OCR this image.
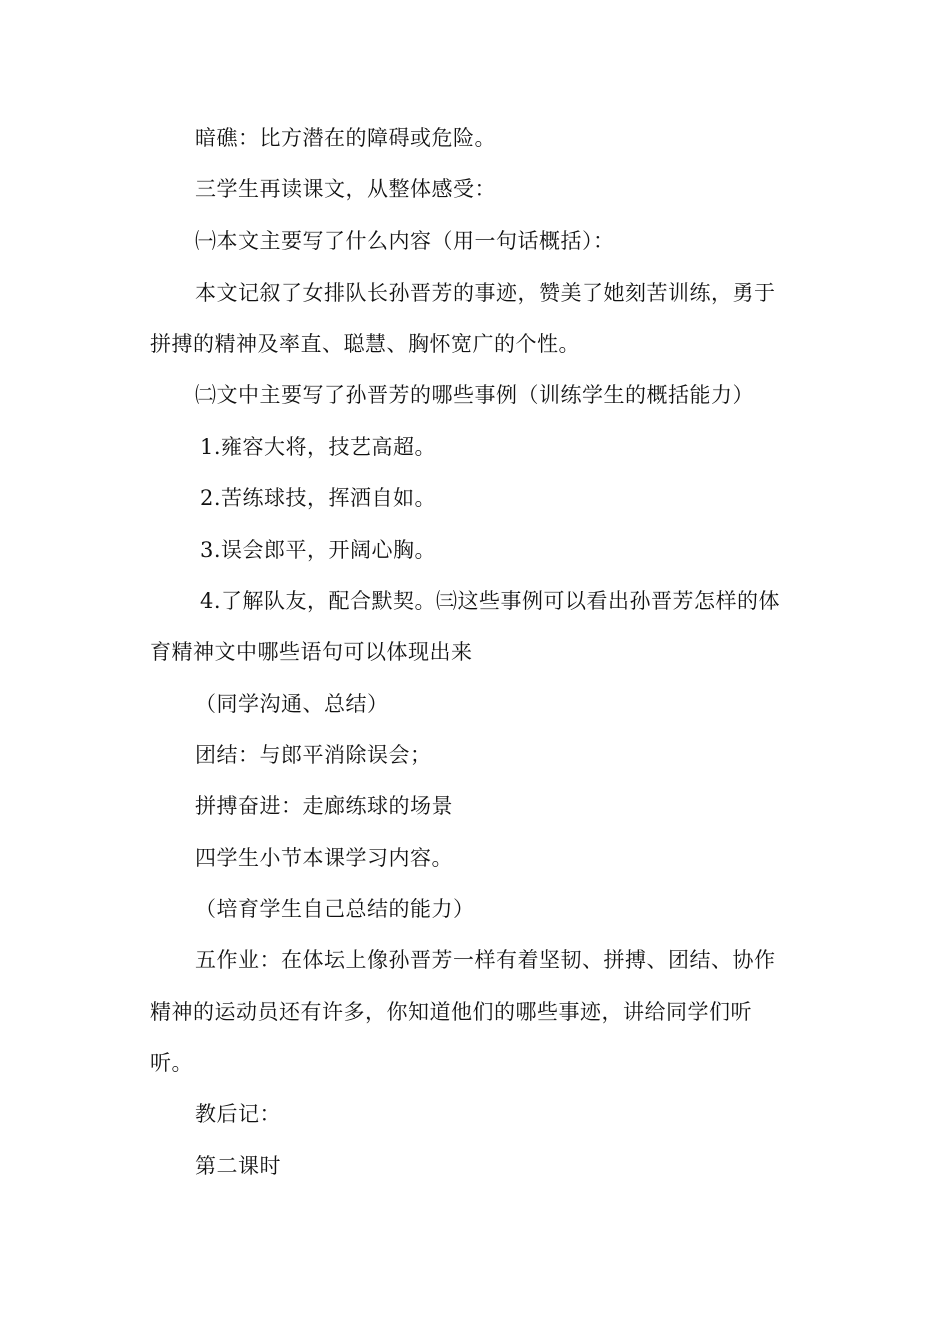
暗礁：比方潜在的障碍或危险。
三学生再读课文，从整体感受：
㈠本文主要写了什么内容（用一句话概括）：
本文记叙了女排队长孙晋芳的事迹，赞美了她刻苦训练，勇于
拼搏的精神及率直、聪慧、胸怀宽广的个性。
㈡文中主要写了孙晋芳的哪些事例（训练学生的概括能力）
1.雍容大将，技艺高超。
2.苦练球技，挥洒自如。
3.误会郎平，开阔心胸。
4.了解队友，配合默契。㈢这些事例可以看出孙晋芳怎样的体
育精神文中哪些语句可以体现出来
（同学沟通、总结）
团结：与郎平消除误会；
拼搏奋进：走廊练球的场景
四学生小节本课学习内容。
（培育学生自己总结的能力）
五作业：在体坛上像孙晋芳一样有着坚韧、拼搏、团结、协作
精神的运动员还有许多，你知道他们的哪些事迹，讲给同学们听
听。
教后记：
第二课时
